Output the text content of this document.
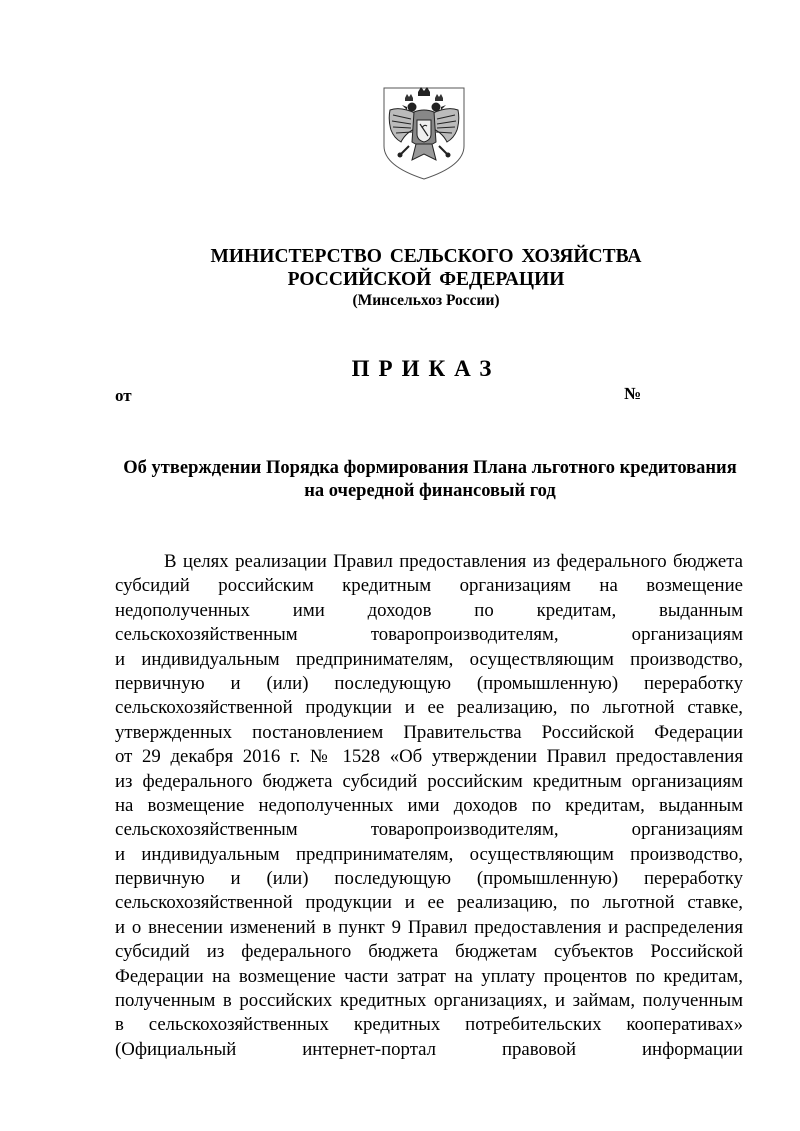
МИНИСТЕРСТВО СЕЛЬСКОГО ХОЗЯЙСТВА
РОССИЙСКОЙ ФЕДЕРАЦИИ
(Минсельхоз России)
ПРИКАЗ
от	№
Об утверждении Порядка формирования Плана льготного кредитования
на очередной финансовый год
В целях реализации Правил предоставления из федерального бюджета
субсидий российским кредитным организациям на возмещение
недополученных ими доходов по кредитам, выданным
сельскохозяйственным товаропроизводителям, организациям
и индивидуальным предпринимателям, осуществляющим производство,
первичную и (или) последующую (промышленную) переработку
сельскохозяйственной продукции и ее реализацию, по льготной ставке,
утвержденных постановлением Правительства Российской Федерации
от 29 декабря 2016 г. № 1528 «Об утверждении Правил предоставления
из федерального бюджета субсидий российским кредитным организациям
на возмещение недополученных ими доходов по кредитам, выданным
сельскохозяйственным товаропроизводителям, организациям
и индивидуальным предпринимателям, осуществляющим производство,
первичную и (или) последующую (промышленную) переработку
сельскохозяйственной продукции и ее реализацию, по льготной ставке,
и о внесении изменений в пункт 9 Правил предоставления и распределения
субсидий из федерального бюджета бюджетам субъектов Российской
Федерации на возмещение части затрат на уплату процентов по кредитам,
полученным в российских кредитных организациях, и займам, полученным
в сельскохозяйственных кредитных потребительских кооперативах»
(Официальный интернет-портал правовой информации
